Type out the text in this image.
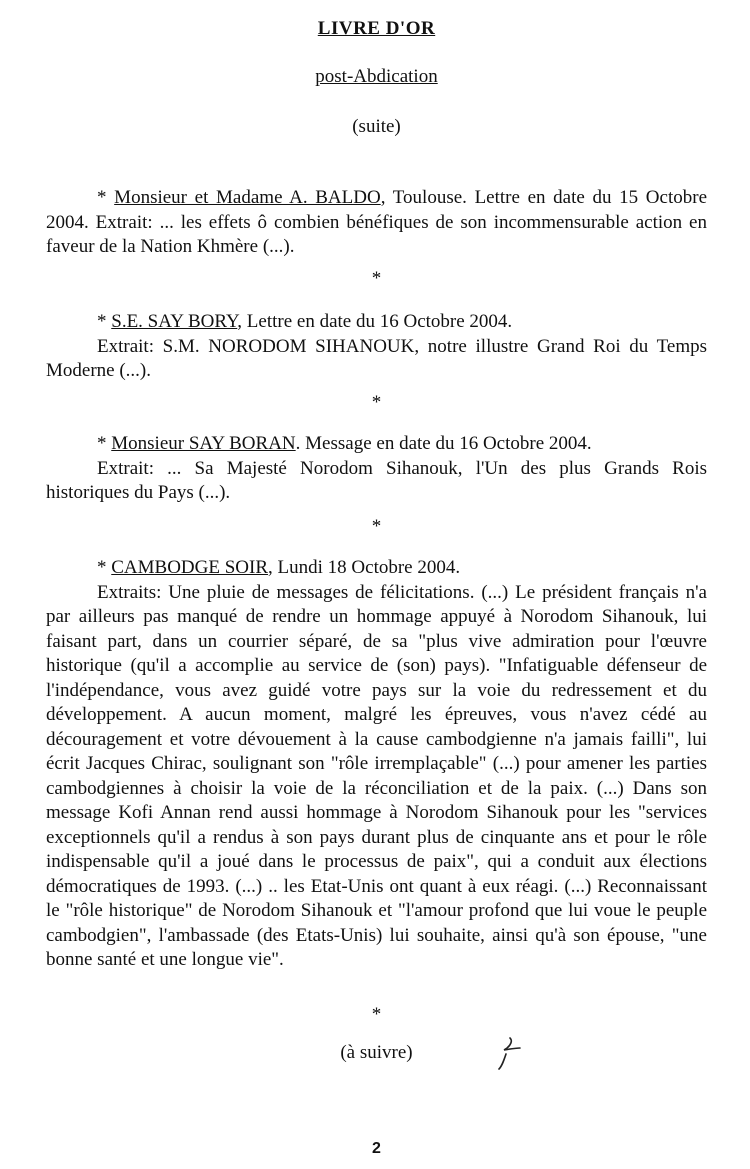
LIVRE D'OR
post-Abdication
(suite)

* Monsieur et Madame A. BALDO, Toulouse. Lettre en date du 15 Octobre 2004. Extrait: ... les effets ô combien bénéfiques de son incommensurable action en faveur de la Nation Khmère (...).

*

* S.E. SAY BORY, Lettre en date du 16 Octobre 2004.

Extrait: S.M. NORODOM SIHANOUK, notre illustre Grand Roi du Temps Moderne (...).

*

* Monsieur SAY BORAN. Message en date du 16 Octobre 2004.

Extrait: ... Sa Majesté Norodom Sihanouk, l'Un des plus Grands Rois historiques du Pays (...).

*

* CAMBODGE SOIR, Lundi 18 Octobre 2004.

Extraits: Une pluie de messages de félicitations. (...) Le président français n'a par ailleurs pas manqué de rendre un hommage appuyé à Norodom Sihanouk, lui faisant part, dans un courrier séparé, de sa "plus vive admiration pour l'œuvre historique (qu'il a accomplie au service de (son) pays). "Infatiguable défenseur de l'indépendance, vous avez guidé votre pays sur la voie du redressement et du développement. A aucun moment, malgré les épreuves, vous n'avez cédé au découragement et votre dévouement à la cause cambodgienne n'a jamais failli", lui écrit Jacques Chirac, soulignant son "rôle irremplaçable" (...) pour amener les parties cambodgiennes à choisir la voie de la réconciliation et de la paix. (...) Dans son message Kofi Annan rend aussi hommage à Norodom Sihanouk pour les "services exceptionnels qu'il a rendus à son pays durant plus de cinquante ans et pour le rôle indispensable qu'il a joué dans le processus de paix", qui a conduit aux élections démocratiques de 1993. (...) .. les Etat-Unis ont quant à eux réagi. (...) Reconnaissant le "rôle historique" de Norodom Sihanouk et "l'amour profond que lui voue le peuple cambodgien", l'ambassade (des Etats-Unis) lui souhaite, ainsi qu'à son épouse, "une bonne santé et une longue vie".

*
(à suivre)
2
